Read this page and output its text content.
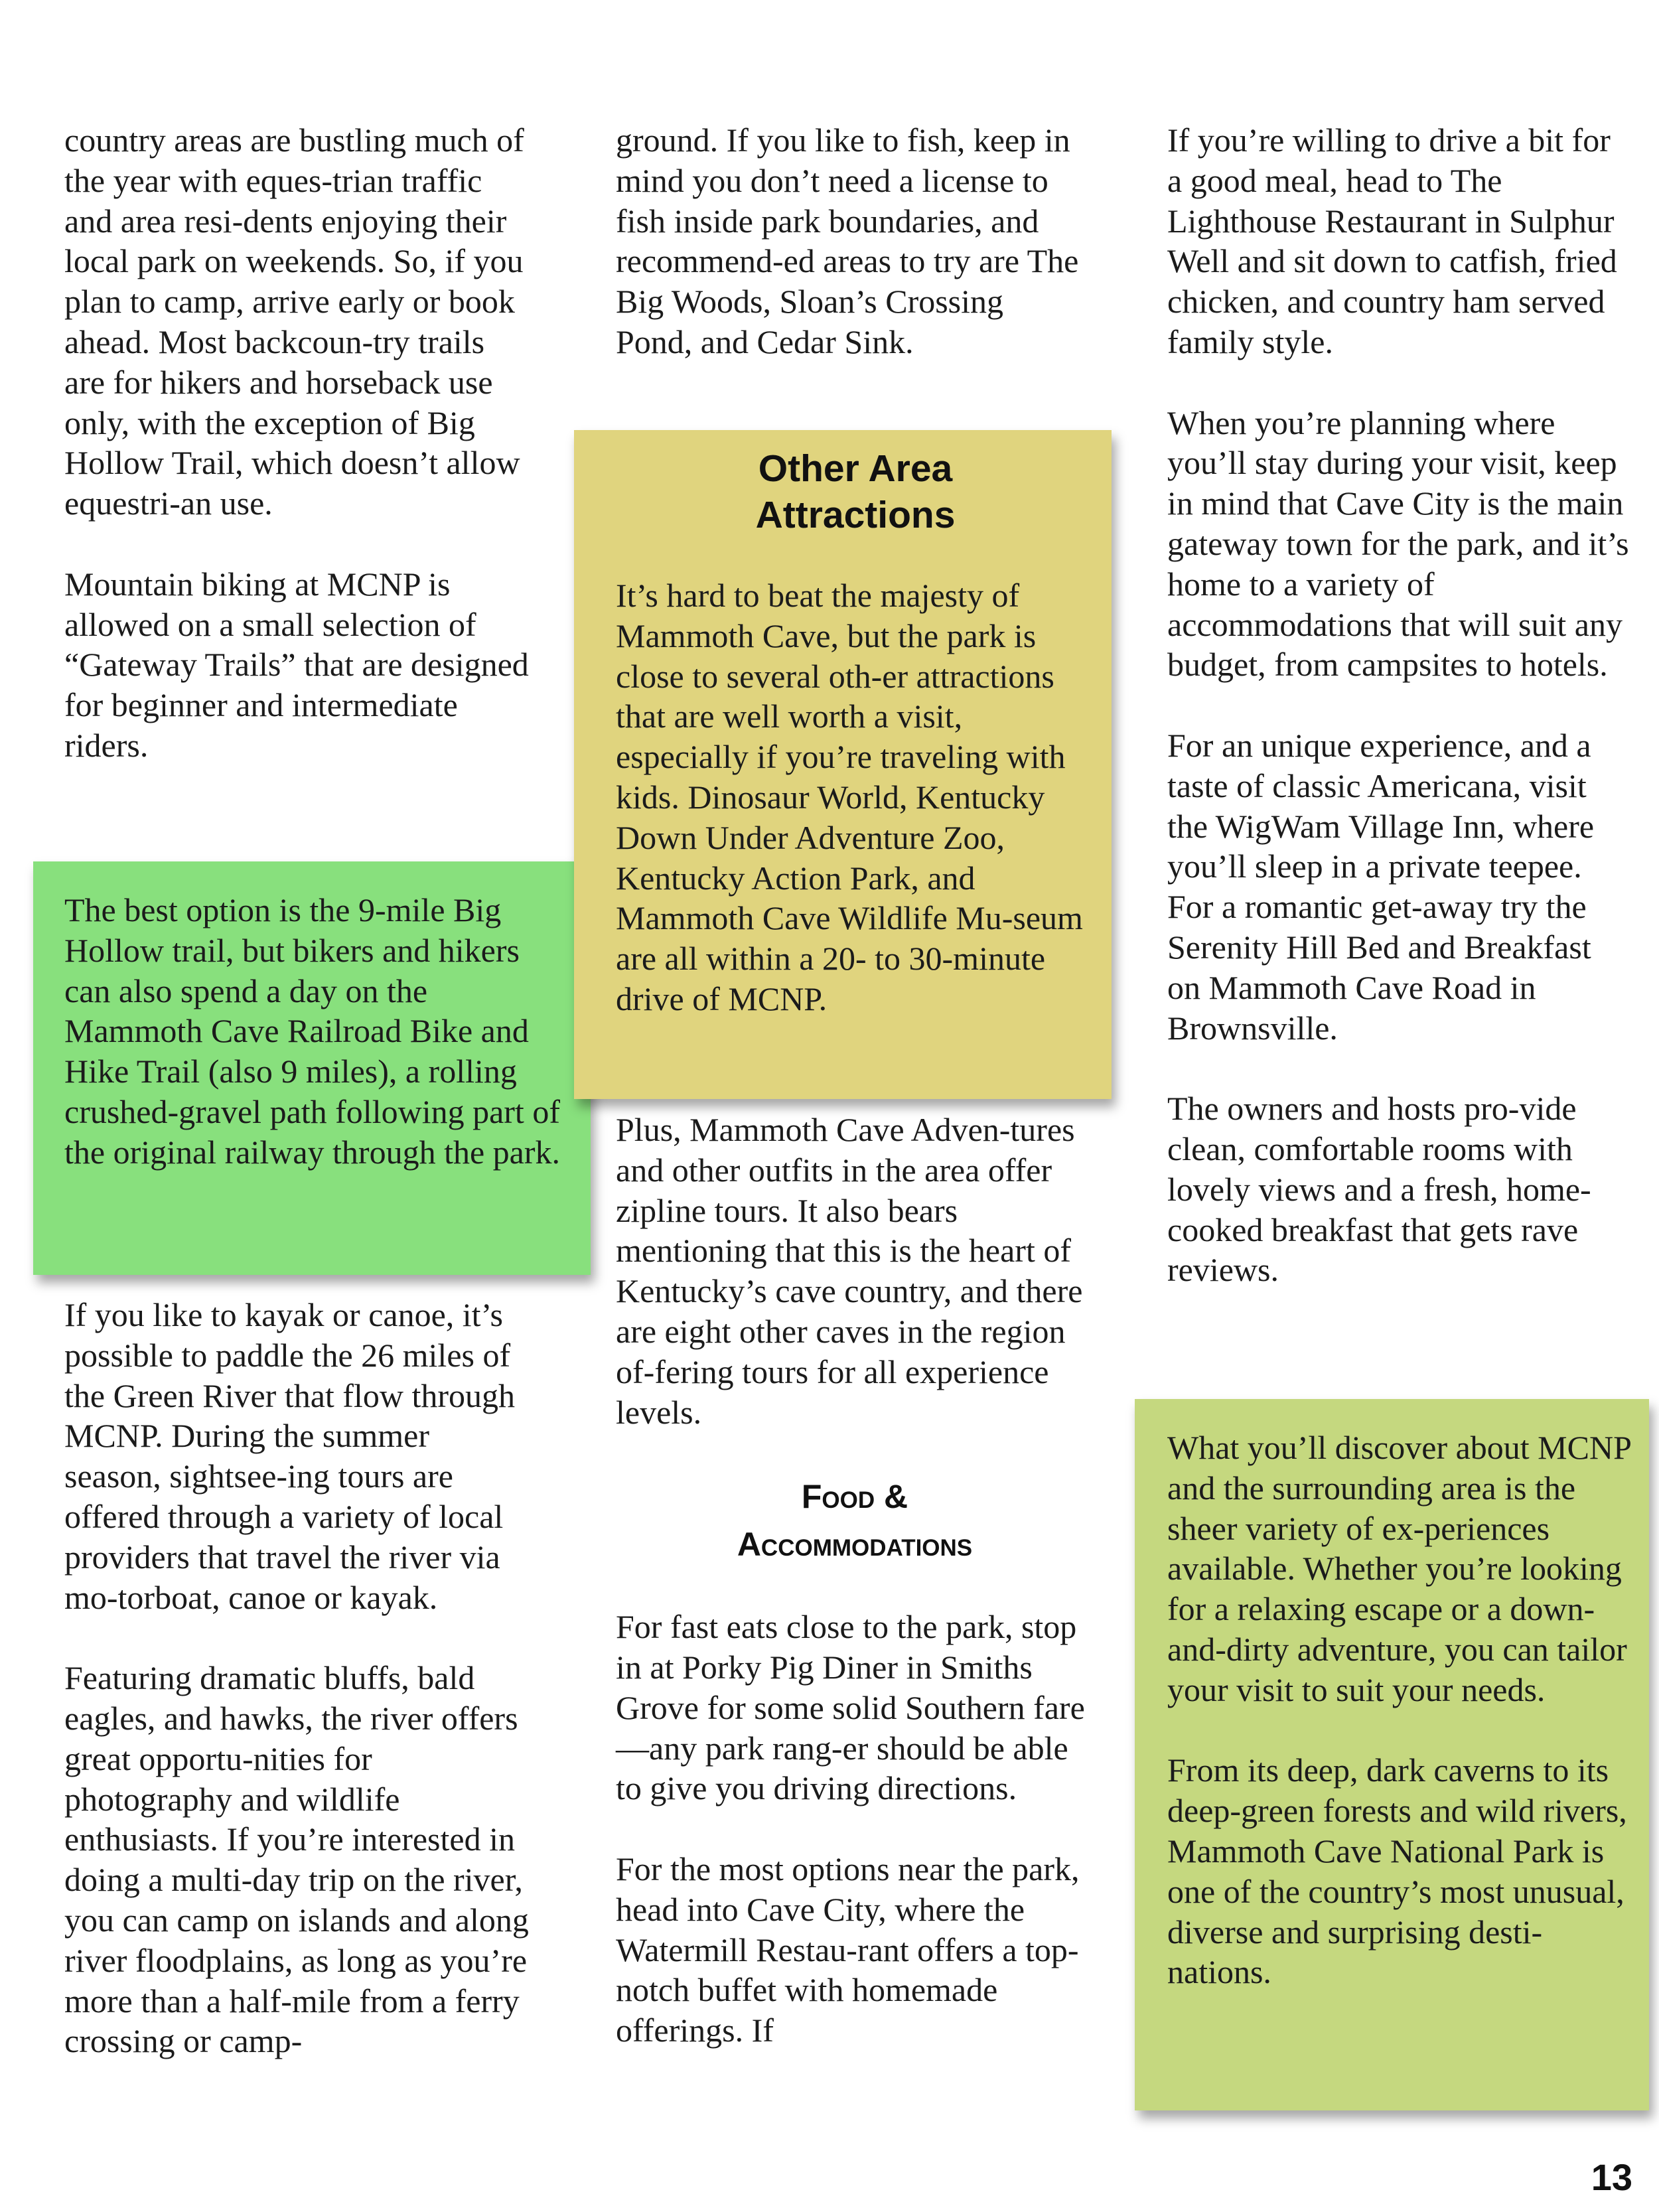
country areas are bustling much of the year with eques-trian traffic and area resi-dents enjoying their local park on weekends. So, if you plan to camp, arrive early or book ahead. Most backcoun-try trails are for hikers and horseback use only, with the exception of Big Hollow Trail, which doesn’t allow equestri-an use.

Mountain biking at MCNP is allowed on a small selection of “Gateway Trails” that are designed for beginner and intermediate riders.

The best option is the 9-mile Big Hollow trail, but bikers and hikers can also spend a day on the Mammoth Cave Railroad Bike and Hike Trail (also 9 miles), a rolling crushed-gravel path following part of the original railway through the park.

If you like to kayak or canoe, it’s possible to paddle the 26 miles of the Green River that flow through MCNP. During the summer season, sightsee-ing tours are offered through a variety of local providers that travel the river via mo-torboat, canoe or kayak.

Featuring dramatic bluffs, bald eagles, and hawks, the river offers great opportu-nities for photography and wildlife enthusiasts. If you’re interested in doing a multi-day trip on the river, you can camp on islands and along river floodplains, as long as you’re more than a half-mile from a ferry crossing or camp-

ground. If you like to fish, keep in mind you don’t need a license to fish inside park boundaries, and recommend-ed areas to try are The Big Woods, Sloan’s Crossing Pond, and Cedar Sink.

Other Area
Attractions

It’s hard to beat the majesty of Mammoth Cave, but the park is close to several oth-er attractions that are well worth a visit, especially if you’re traveling with kids. Dinosaur World, Kentucky Down Under Adventure Zoo, Kentucky Action Park, and Mammoth Cave Wildlife Mu-seum are all within a 20- to 30-minute drive of MCNP.

Plus, Mammoth Cave Adven-tures and other outfits in the area offer zipline tours. It also bears mentioning that this is the heart of Kentucky’s cave country, and there are eight other caves in the region of-fering tours for all experience levels.

Food &
Accommodations

For fast eats close to the park, stop in at Porky Pig Diner in Smiths Grove for some solid Southern fare—any park rang-er should be able to give you driving directions.

For the most options near the park, head into Cave City, where the Watermill Restau-rant offers a top-notch buffet with homemade offerings. If

If you’re willing to drive a bit for a good meal, head to The Lighthouse Restaurant in Sulphur Well and sit down to catfish, fried chicken, and country ham served family style.

When you’re planning where you’ll stay during your visit, keep in mind that Cave City is the main gateway town for the park, and it’s home to a variety of accommodations that will suit any budget, from campsites to hotels.

For an unique experience, and a taste of classic Americana, visit the WigWam Village Inn, where you’ll sleep in a private teepee. For a romantic get-away try the Serenity Hill Bed and Breakfast on Mammoth Cave Road in Brownsville.

The owners and hosts pro-vide clean, comfortable rooms with lovely views and a fresh, home-cooked breakfast that gets rave reviews.

What you’ll discover about MCNP and the surrounding area is the sheer variety of ex-periences available. Whether you’re looking for a relaxing escape or a down-and-dirty adventure, you can tailor your visit to suit your needs.

From its deep, dark caverns to its deep-green forests and wild rivers, Mammoth Cave National Park is one of the country’s most unusual, diverse and surprising desti-nations.

13
